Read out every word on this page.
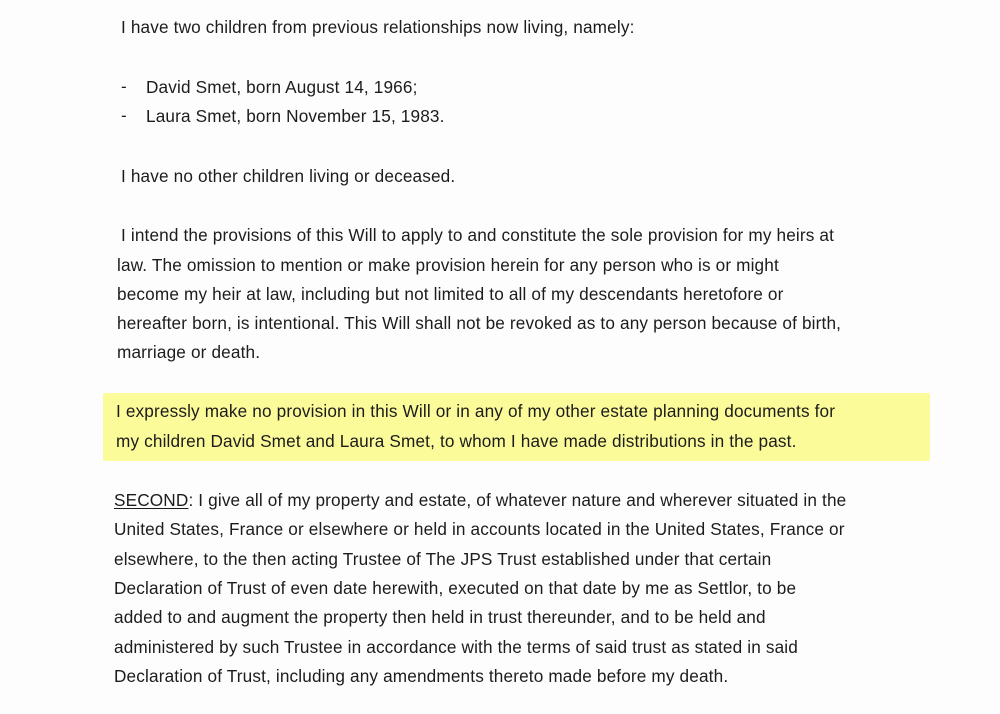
I have two children from previous relationships now living, namely:
- David Smet, born August 14, 1966;
- Laura Smet, born November 15, 1983.
I have no other children living or deceased.
I intend the provisions of this Will to apply to and constitute the sole provision for my heirs at
law. The omission to mention or make provision herein for any person who is or might
become my heir at law, including but not limited to all of my descendants heretofore or
hereafter born, is intentional. This Will shall not be revoked as to any person because of birth,
marriage or death.
I expressly make no provision in this Will or in any of my other estate planning documents for
my children David Smet and Laura Smet, to whom I have made distributions in the past.
SECOND: I give all of my property and estate, of whatever nature and wherever situated in the
United States, France or elsewhere or held in accounts located in the United States, France or
elsewhere, to the then acting Trustee of The JPS Trust established under that certain
Declaration of Trust of even date herewith, executed on that date by me as Settlor, to be
added to and augment the property then held in trust thereunder, and to be held and
administered by such Trustee in accordance with the terms of said trust as stated in said
Declaration of Trust, including any amendments thereto made before my death.
